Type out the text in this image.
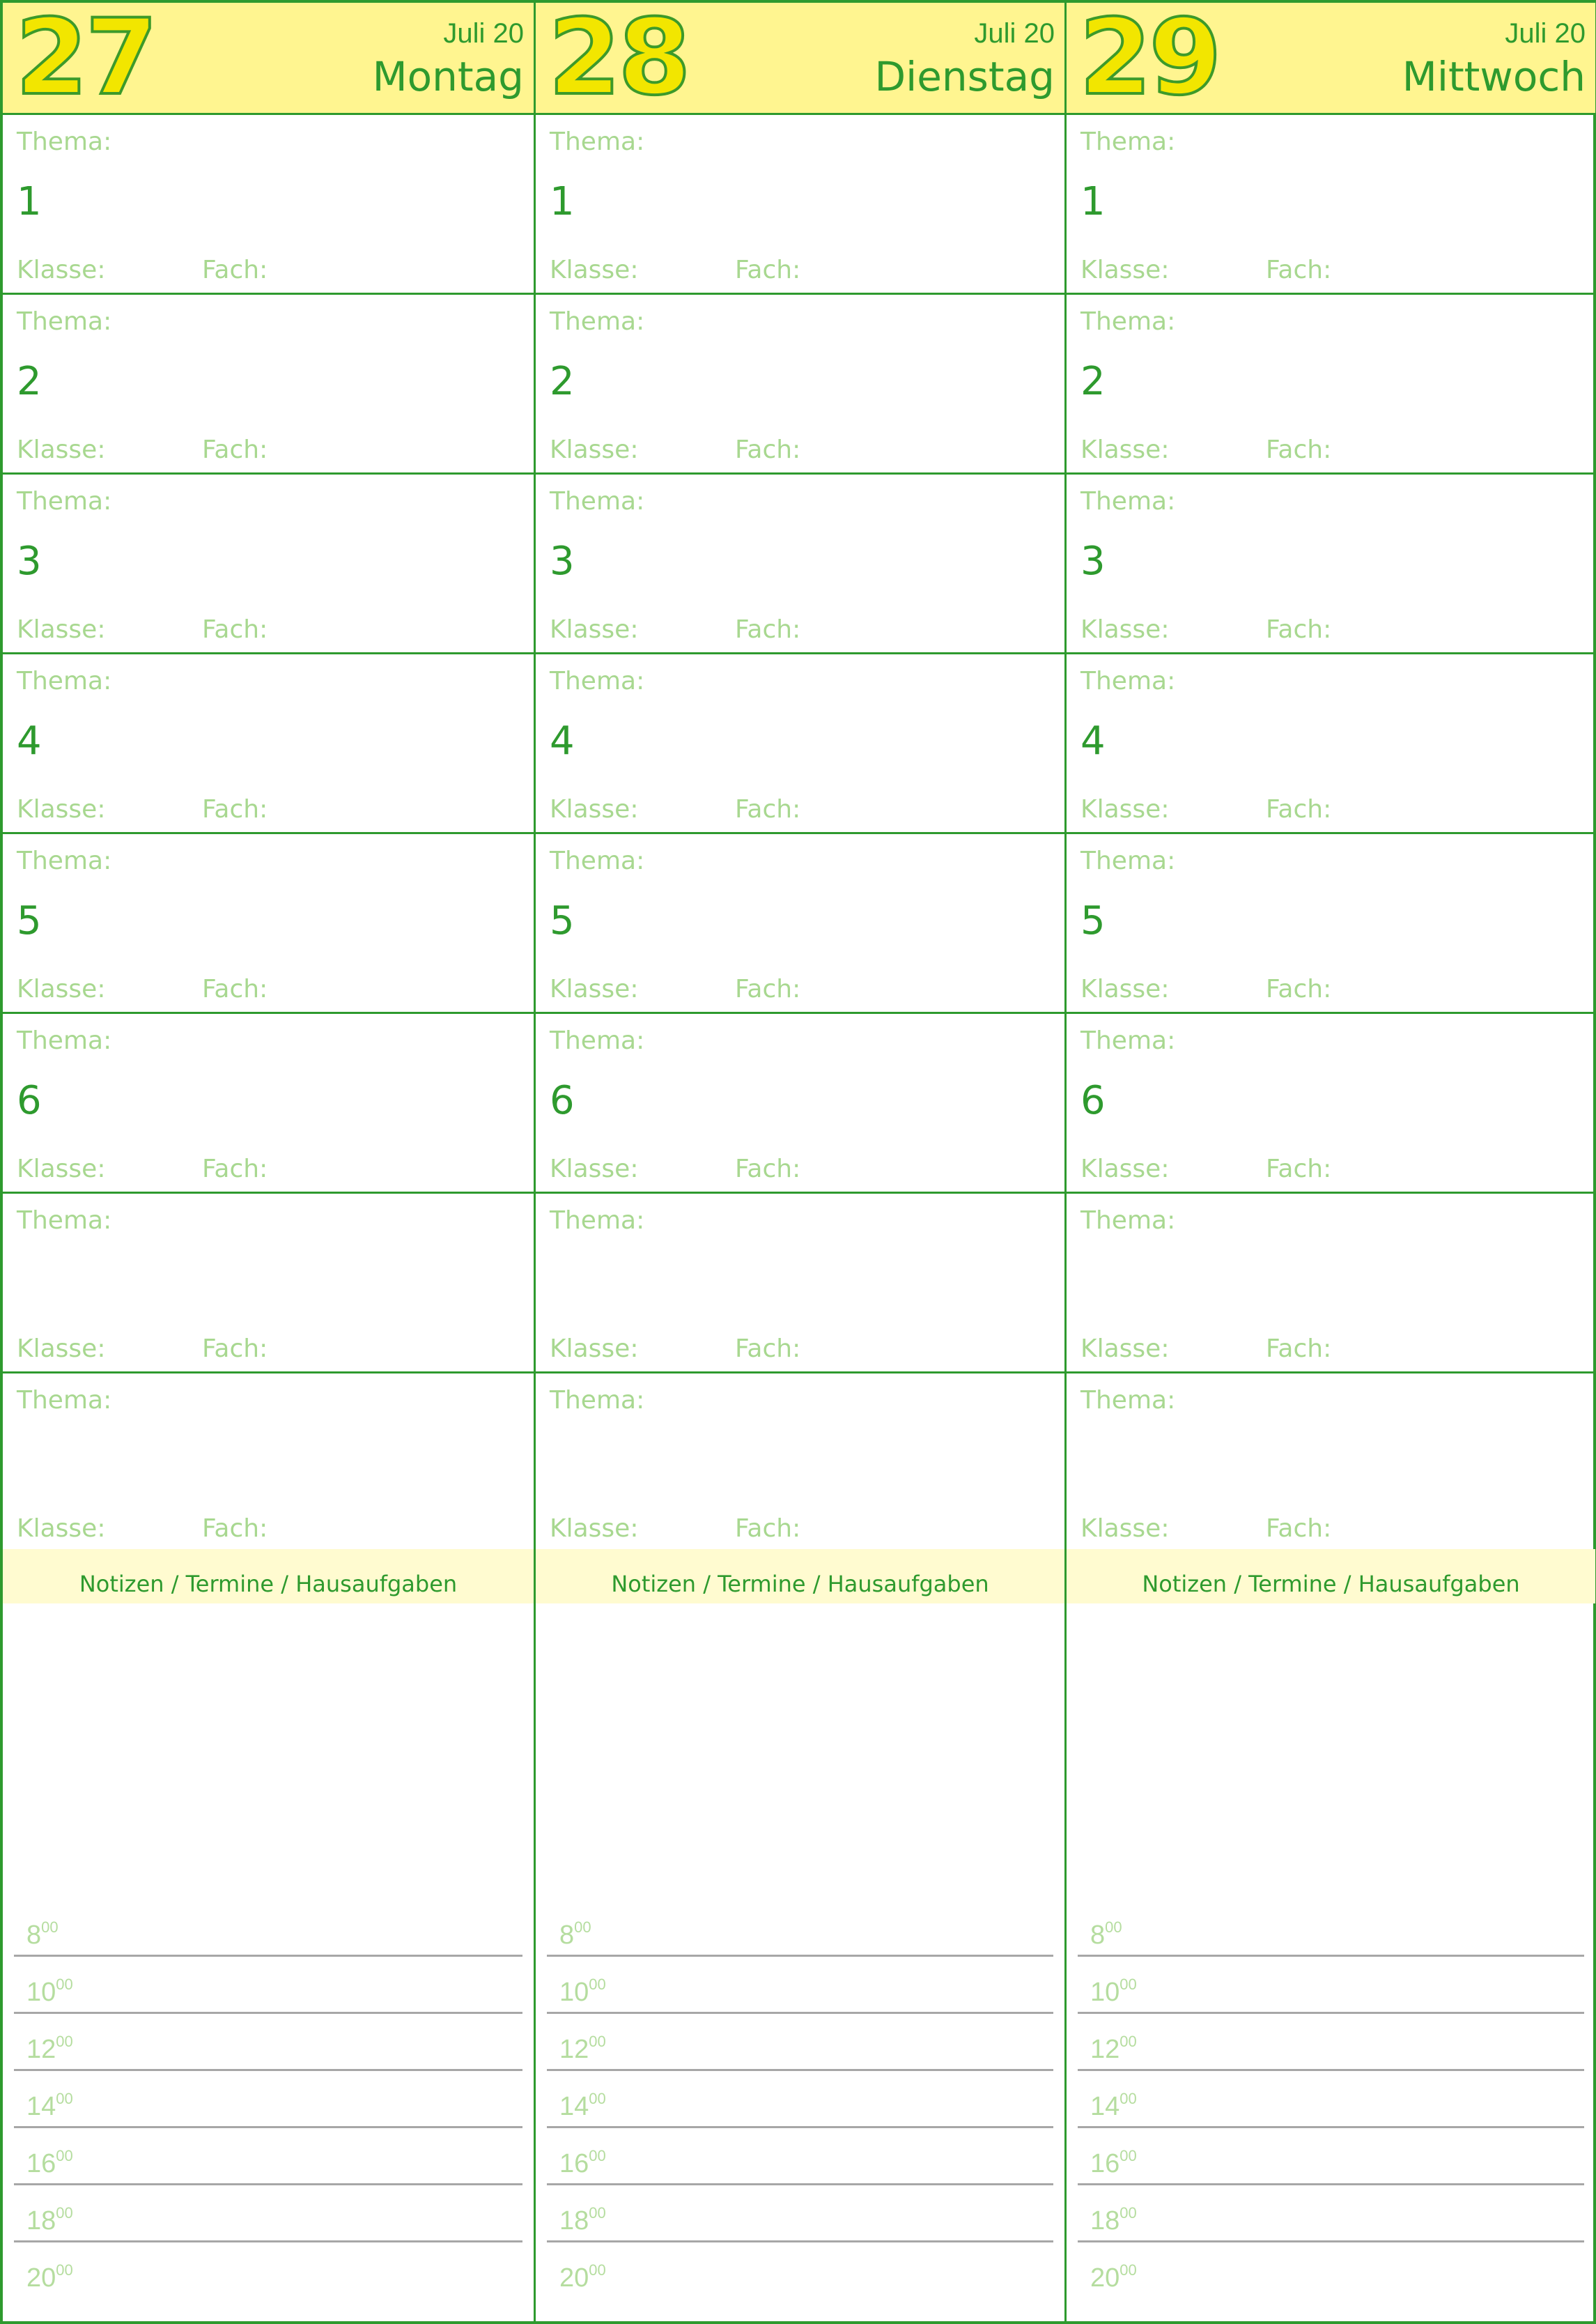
27	Juli 20
Montag
Thema:
1
Klasse:	Fach:
Thema:
2
Klasse:	Fach:
Thema:
3
Klasse:	Fach:
Thema:
4
Klasse:	Fach:
Thema:
5
Klasse:	Fach:
Thema:
6
Klasse:	Fach:
Thema:
Klasse:	Fach:
Thema:
Klasse:	Fach:
Notizen / Termine / Hausaufgaben
$8^{00}$
$10^{00}$
$12^{00}$
$14^{00}$
$16^{00}$
$18^{00}$
$20^{00}$
28	Juli 20
Dienstag
Thema:
1
Klasse:	Fach:
Thema:
2
Klasse:	Fach:
Thema:
3
Klasse:	Fach:
Thema:
4
Klasse:	Fach:
Thema:
5
Klasse:	Fach:
Thema:
6
Klasse:	Fach:
Thema:
Klasse:	Fach:
Thema:
Klasse:	Fach:
Notizen / Termine / Hausaufgaben
$8^{00}$
$10^{00}$
$12^{00}$
$14^{00}$
$16^{00}$
$18^{00}$
$20^{00}$
29	Juli 20
Mittwoch
Thema:
1
Klasse:	Fach:
Thema:
2
Klasse:	Fach:
Thema:
3
Klasse:	Fach:
Thema:
4
Klasse:	Fach:
Thema:
5
Klasse:	Fach:
Thema:
6
Klasse:	Fach:
Thema:
Klasse:	Fach:
Thema:
Klasse:	Fach:
Notizen / Termine / Hausaufgaben
$8^{00}$
$10^{00}$
$12^{00}$
$14^{00}$
$16^{00}$
$18^{00}$
$20^{00}$
